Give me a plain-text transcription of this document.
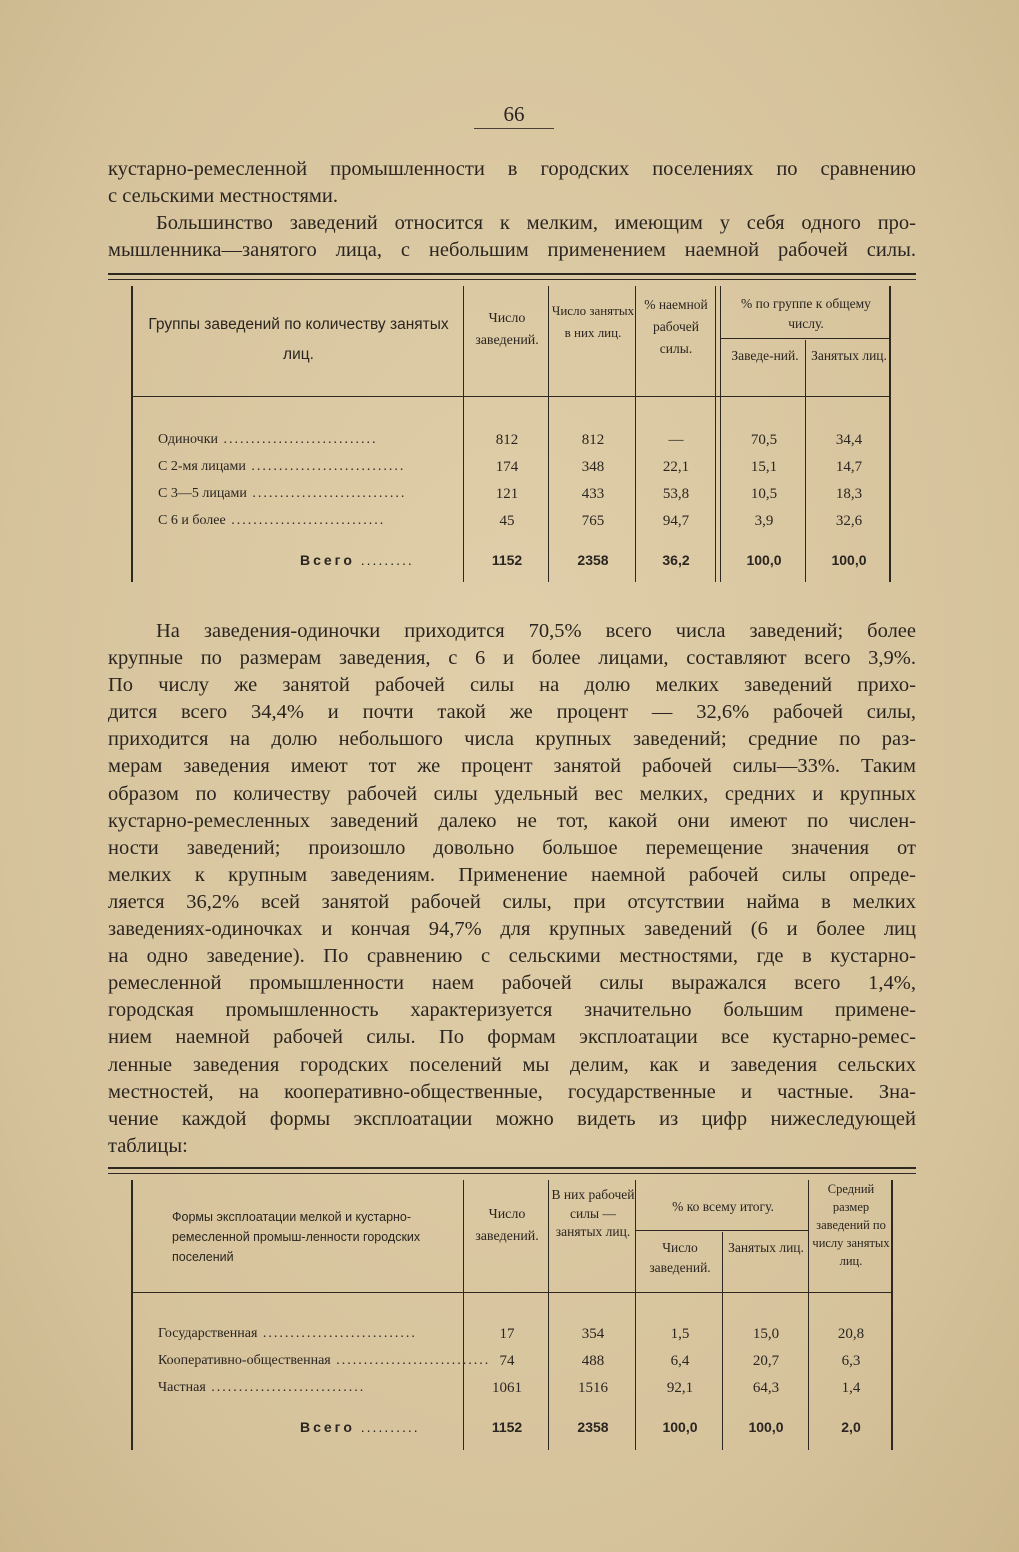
66
кустарно-ремесленной промышленности в городских поселениях по сравнению
с сельскими местностями.
Большинство заведений относится к мелким, имеющим у себя одного про-
мышленника—занятого лица, с небольшим применением наемной рабочей силы.
Группы заведений по количеству занятых лиц.
Число заведений.
Число занятых в них лиц.
% наемной рабочей силы.
% по группе к общему числу.
Заведе-ний. Занятых лиц.
Одиночки ............................	812	812	—	70,5	34,4
С 2-мя лицами ............................	174	348	22,1	15,1	14,7
С 3—5 лицами ............................	121	433	53,8	10,5	18,3
С 6 и более ............................	45	765	94,7	3,9	32,6
Всего .........	1152	2358	36,2	100,0	100,0
На заведения-одиночки приходится 70,5% всего числа заведений; более
крупные по размерам заведения, с 6 и более лицами, составляют всего 3,9%.
По числу же занятой рабочей силы на долю мелких заведений прихо-
дится всего 34,4% и почти такой же процент — 32,6% рабочей силы,
приходится на долю небольшого числа крупных заведений; средние по раз-
мерам заведения имеют тот же процент занятой рабочей силы—33%. Таким
образом по количеству рабочей силы удельный вес мелких, средних и крупных
кустарно-ремесленных заведений далеко не тот, какой они имеют по числен-
ности заведений; произошло довольно большое перемещение значения от
мелких к крупным заведениям. Применение наемной рабочей силы опреде-
ляется 36,2% всей занятой рабочей силы, при отсутствии найма в мелких
заведениях-одиночках и кончая 94,7% для крупных заведений (6 и более лиц
на одно заведение). По сравнению с сельскими местностями, где в кустарно-
ремесленной промышленности наем рабочей силы выражался всего 1,4%,
городская промышленность характеризуется значительно большим примене-
нием наемной рабочей силы. По формам эксплоатации все кустарно-ремес-
ленные заведения городских поселений мы делим, как и заведения сельских
местностей, на кооперативно-общественные, государственные и частные. Зна-
чение каждой формы эксплоатации можно видеть из цифр нижеследующей
таблицы:
Формы эксплоатации мелкой и кустарно-ремесленной промыш-ленности городских поселений
Число заведений.
В них рабочей силы — занятых лиц.
% ко всему итогу.
Число заведений.
Занятых лиц.
Средний размер заведений по числу занятых лиц.
Государственная ............................	17	354	1,5	15,0	20,8
Кооперативно-общественная ............................ 74	488	6,4	20,7	6,3
Частная ............................	1061	1516	92,1	64,3	1,4
Всего ..........	1152	2358	100,0	100,0	2,0
